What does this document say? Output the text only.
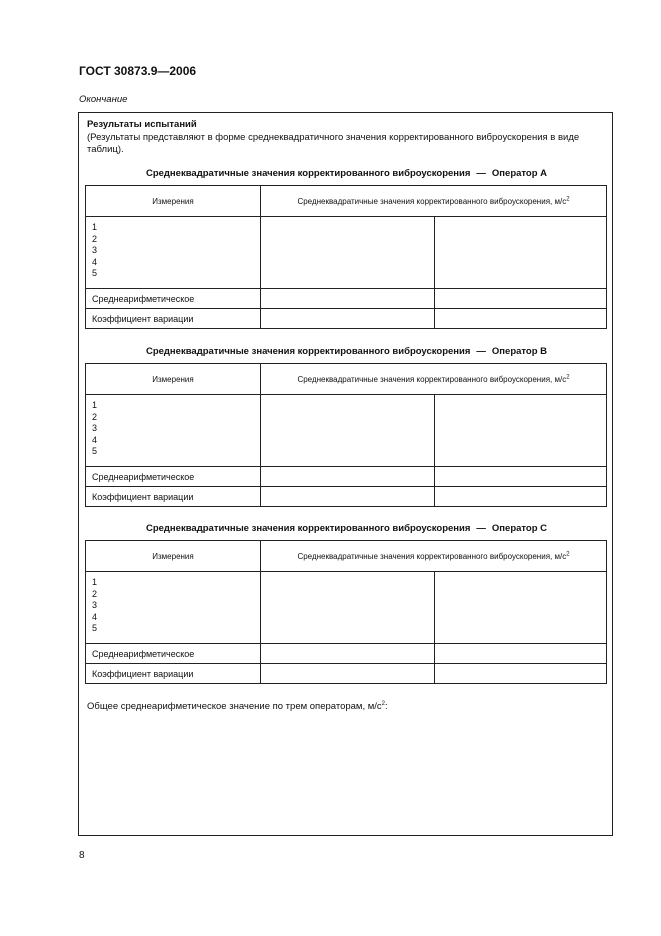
ГОСТ 30873.9—2006
Окончание
Результаты испытаний
(Результаты представляют в форме среднеквадратичного значения корректированного виброускорения в виде таблиц).
Среднеквадратичные значения корректированного виброускорения — Оператор А
Измерения	Среднеквадратичные значения корректированного виброускорения, $м/с^2$

1
2
3
4
5		

Среднеарифметическое		
Коэффициент вариации		
Среднеквадратичные значения корректированного виброускорения — Оператор В
Измерения	Среднеквадратичные значения корректированного виброускорения, $м/с^2$

1
2
3
4
5		

Среднеарифметическое		
Коэффициент вариации		
Среднеквадратичные значения корректированного виброускорения — Оператор С
Измерения	Среднеквадратичные значения корректированного виброускорения, $м/с^2$

1
2
3
4
5		

Среднеарифметическое		
Коэффициент вариации		
Общее среднеарифметическое значение по трем операторам, $м/с^2$:
8
